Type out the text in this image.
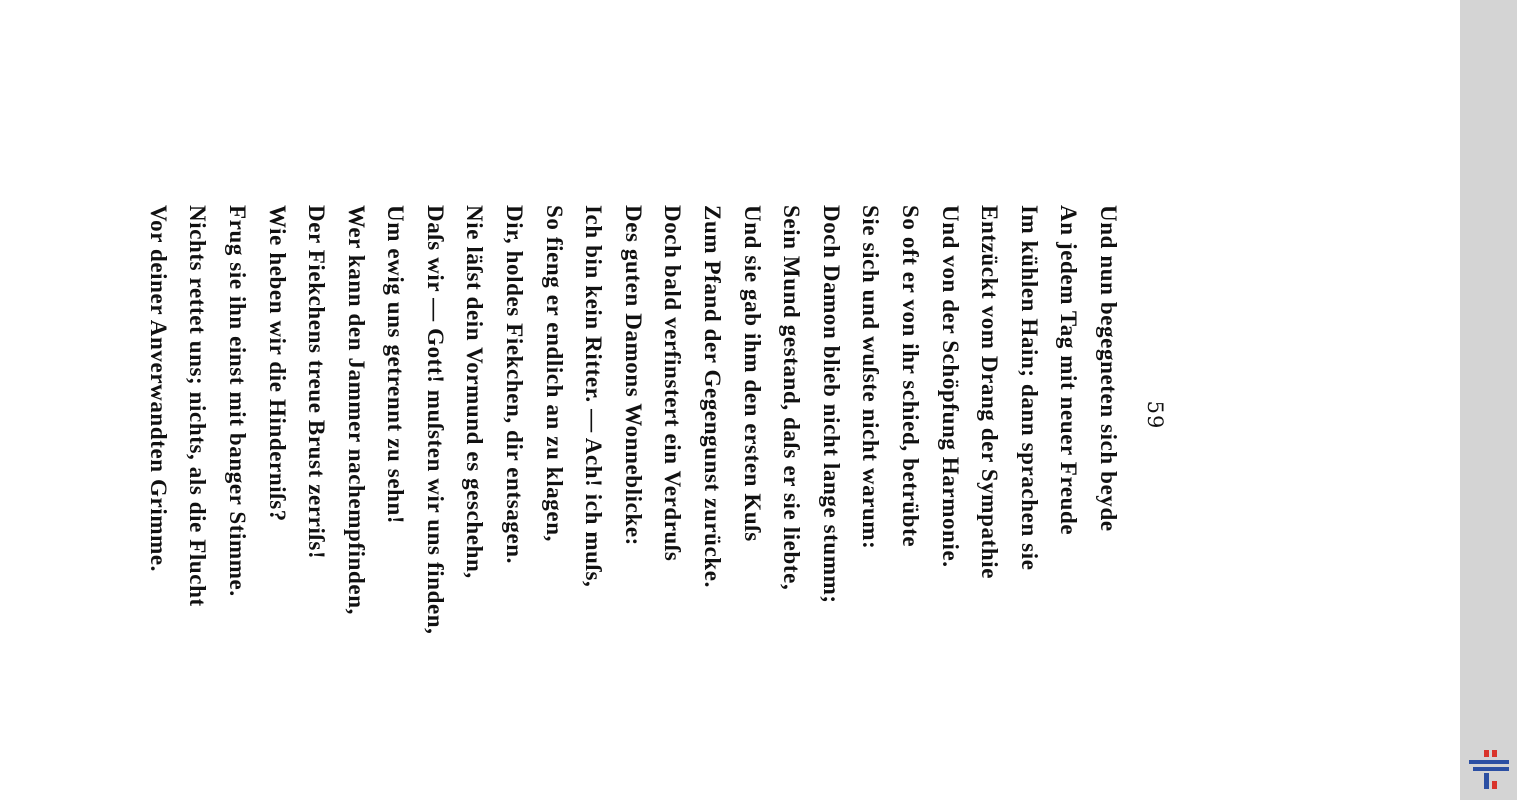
59
Und nun begegneten sich beyde
An jedem Tag mit neuer Freude
Im kühlen Hain; dann sprachen sie
Entzückt vom Drang der Sympathie
Und von der Schöpfung Harmonie.
So oft er von ihr schied, betrübte
Sie sich und wuſste nicht warum:
Doch Damon blieb nicht lange stumm;
Sein Mund gestand, daſs er sie liebte,
Und sie gab ihm den ersten Kuſs
Zum Pfand der Gegengunst zurücke.
Doch bald verfinstert ein Verdruſs
Des guten Damons Wonneblicke:
Ich bin kein Ritter. — Ach! ich muſs,
So fieng er endlich an zu klagen,
Dir, holdes Fiekchen, dir entsagen.
Nie läſst dein Vormund es geschehn,
Daſs wir — Gott! muſsten wir uns finden,
Um ewig uns getrennt zu sehn!
Wer kann den Jammer nachempfinden,
Der Fiekchens treue Brust zerriſs!
Wie heben wir die Hinderniſs?
Frug sie ihn einst mit banger Stimme.
Nichts rettet uns; nichts, als die Flucht
Vor deiner Anverwandten Grimme.
